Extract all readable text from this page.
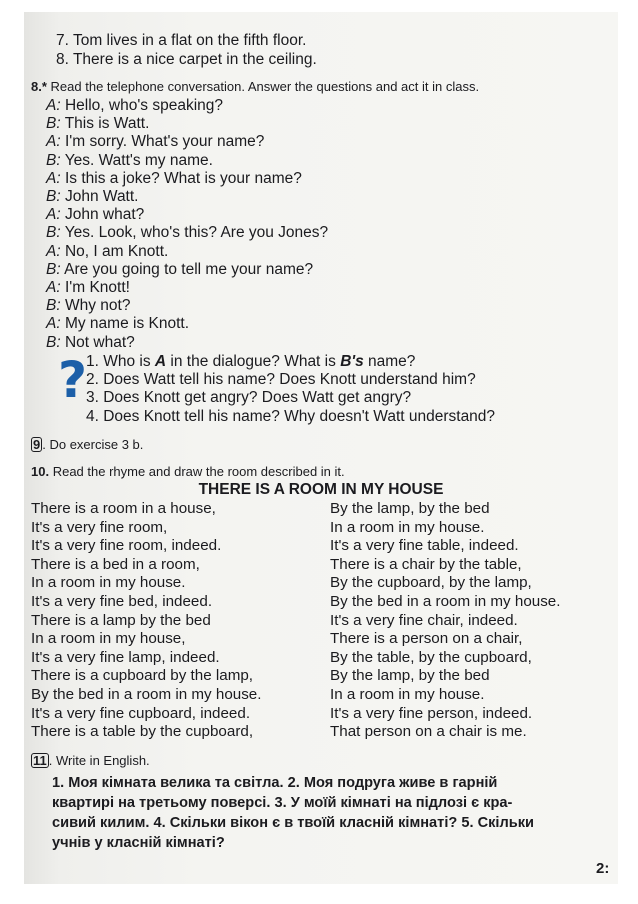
7. Tom lives in a flat on the fifth floor.
8. There is a nice carpet in the ceiling.
8.* Read the telephone conversation. Answer the questions and act it in class.
A: Hello, who's speaking?
B: This is Watt.
A: I'm sorry. What's your name?
B: Yes. Watt's my name.
A: Is this a joke? What is your name?
B: John Watt.
A: John what?
B: Yes. Look, who's this? Are you Jones?
A: No, I am Knott.
B: Are you going to tell me your name?
A: I'm Knott!
B: Why not?
A: My name is Knott.
B: Not what?
?
1. Who is A in the dialogue? What is B's name?
2. Does Watt tell his name? Does Knott understand him?
3. Does Knott get angry? Does Watt get angry?
4. Does Knott tell his name? Why doesn't Watt understand?
9 . Do exercise 3 b.
10. Read the rhyme and draw the room described in it.
THERE IS A ROOM IN MY HOUSE
There is a room in a house,
It's a very fine room,
It's a very fine room, indeed.
There is a bed in a room,
In a room in my house.
It's a very fine bed, indeed.
There is a lamp by the bed
In a room in my house,
It's a very fine lamp, indeed.
There is a cupboard by the lamp,
By the bed in a room in my house.
It's a very fine cupboard, indeed.
There is a table by the cupboard,
By the lamp, by the bed
In a room in my house.
It's a very fine table, indeed.
There is a chair by the table,
By the cupboard, by the lamp,
By the bed in a room in my house.
It's a very fine chair, indeed.
There is a person on a chair,
By the table, by the cupboard,
By the lamp, by the bed
In a room in my house.
It's a very fine person, indeed.
That person on a chair is me.
11 . Write in English.
1. Моя кімната велика та світла. 2. Моя подруга живе в гарній
квартирі на третьому поверсі. 3. У моїй кімнаті на підлозі є кра-
сивий килим. 4. Скільки вікон є в твоїй класній кімнаті? 5. Скільки
учнів у класній кімнаті?
2:
